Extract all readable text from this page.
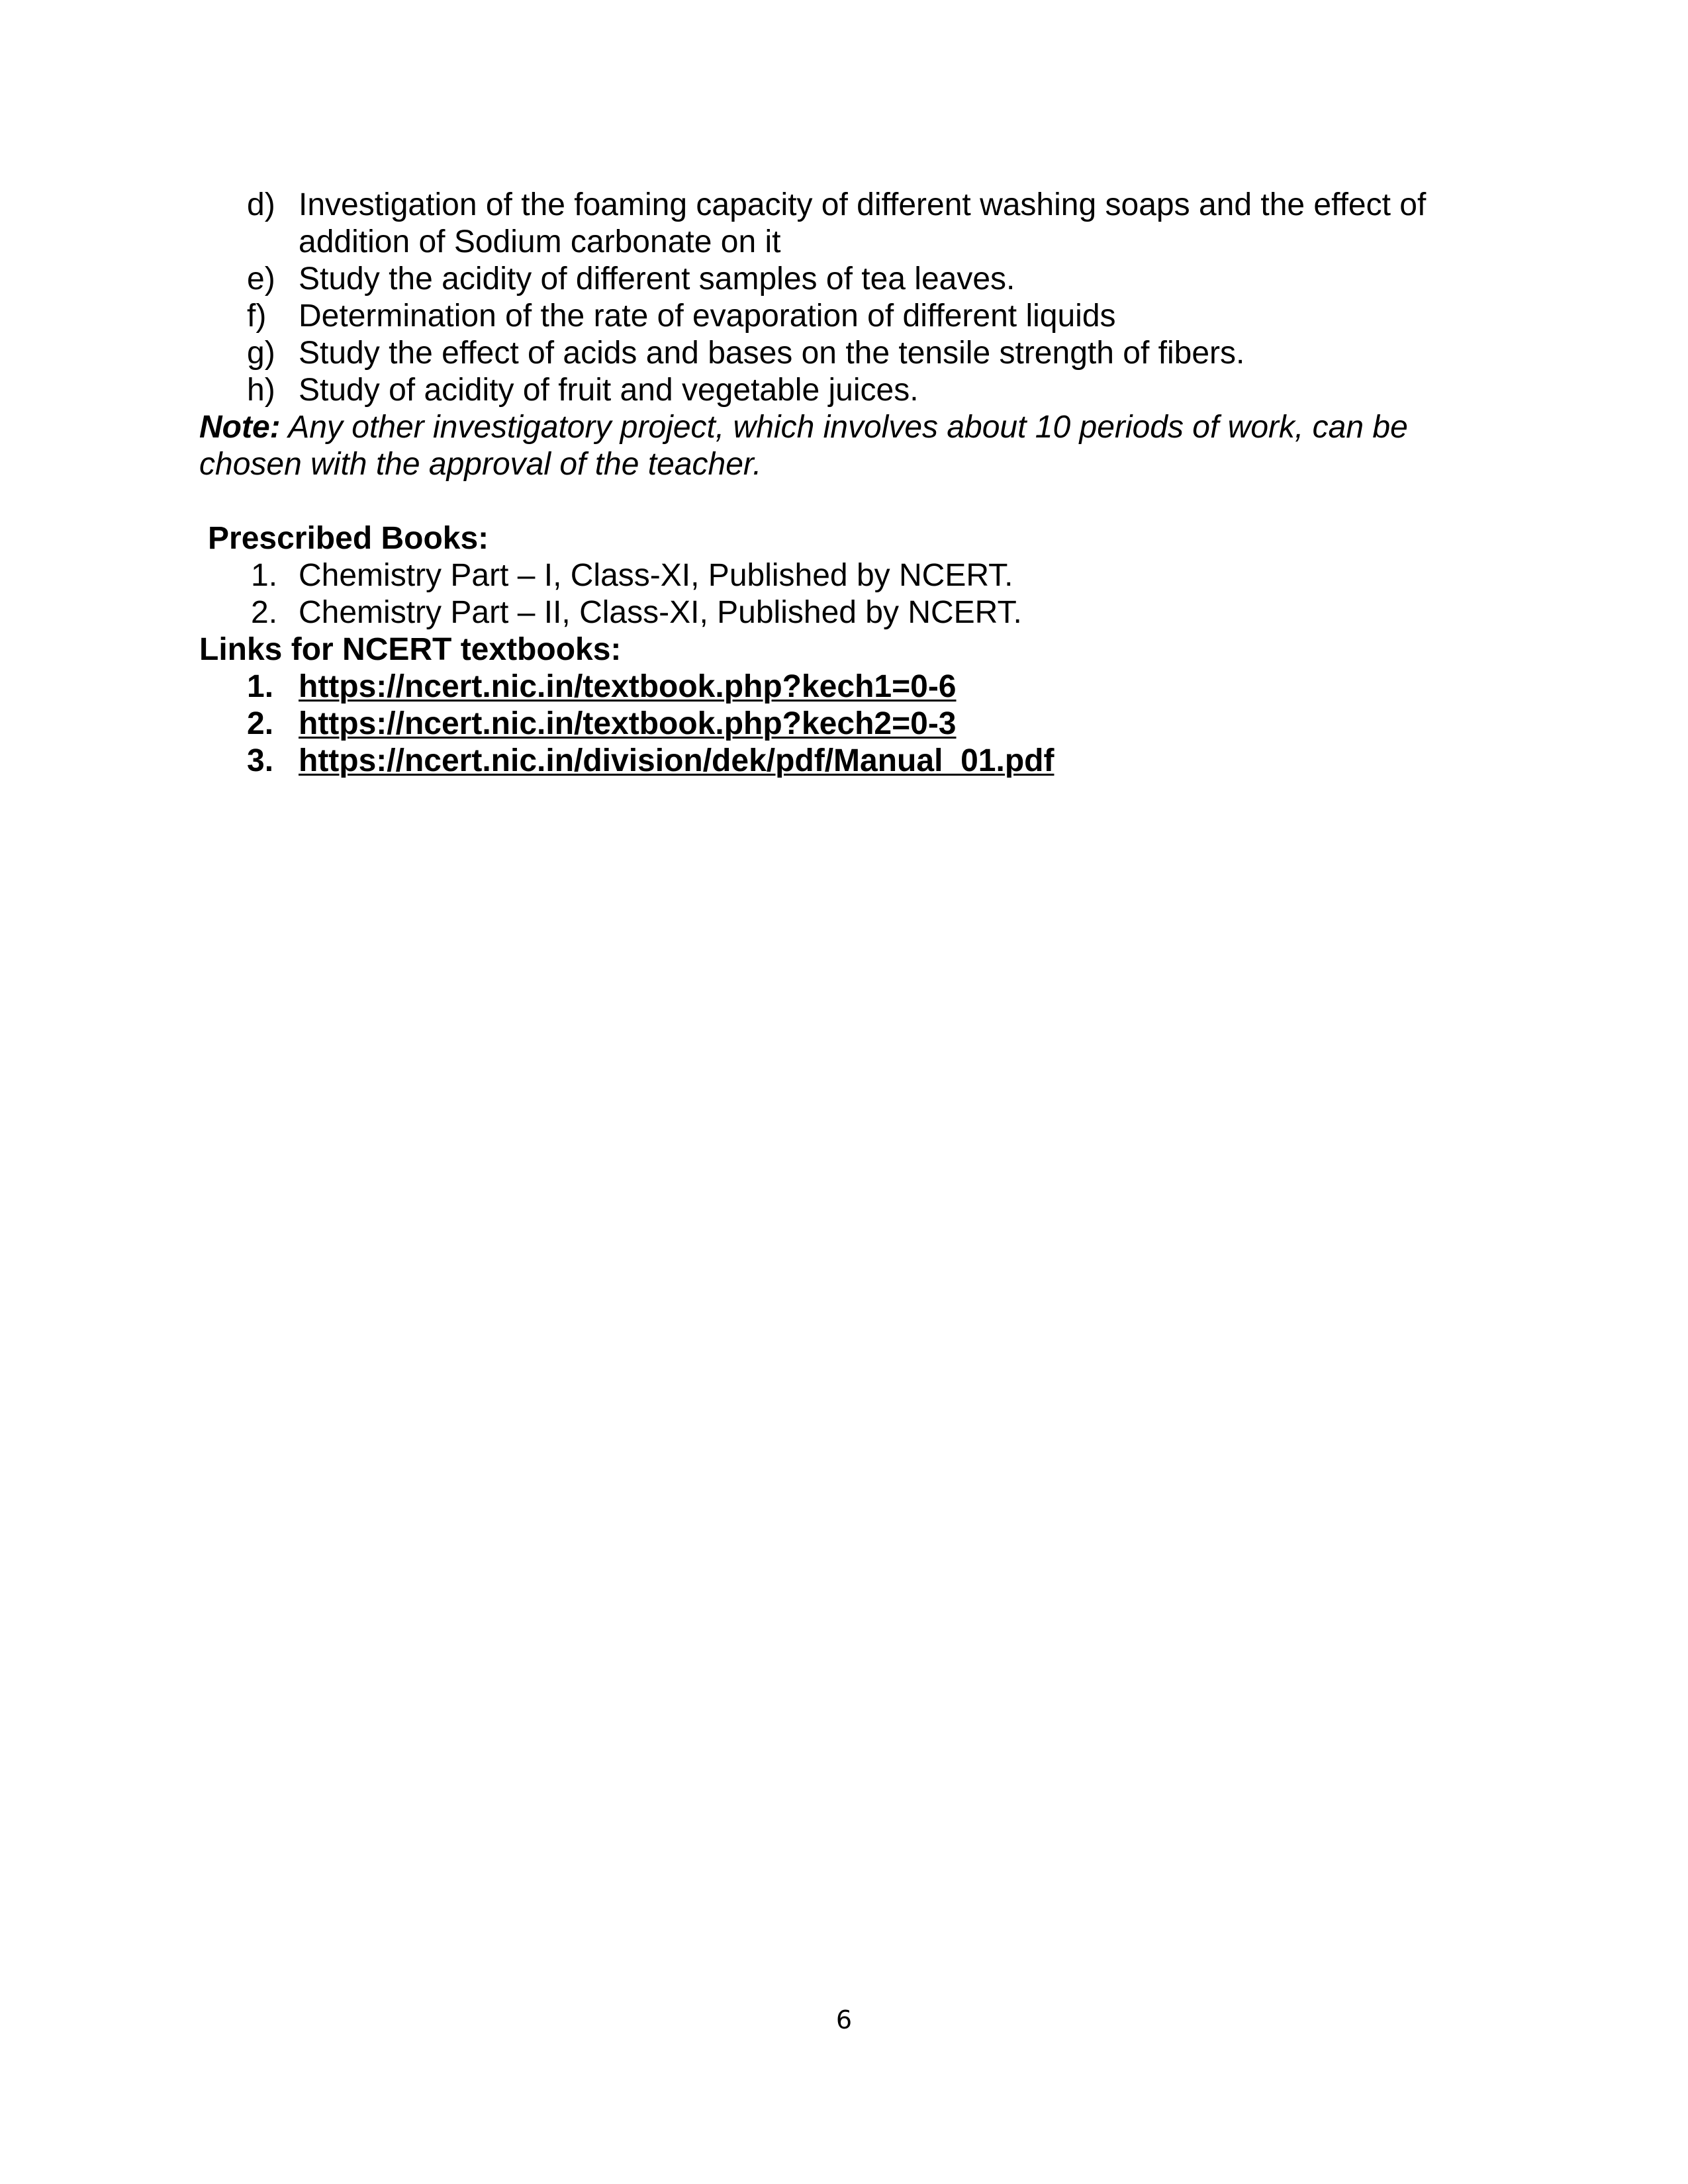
d) Investigation of the foaming capacity of different washing soaps and the effect of addition of Sodium carbonate on it
e) Study the acidity of different samples of tea leaves.
f)	Determination of the rate of evaporation of different liquids
g) Study the effect of acids and bases on the tensile strength of fibers.
h) Study of acidity of fruit and vegetable juices.

Note: Any other investigatory project, which involves about 10 periods of work, can be chosen with the approval of the teacher.

Prescribed Books:

1. Chemistry Part – I, Class-XI, Published by NCERT.
2. Chemistry Part – II, Class-XI, Published by NCERT.

Links for NCERT textbooks:

1. https://ncert.nic.in/textbook.php?kech1=0-6
2. https://ncert.nic.in/textbook.php?kech2=0-3
3. https://ncert.nic.in/division/dek/pdf/Manual_01.pdf
6
